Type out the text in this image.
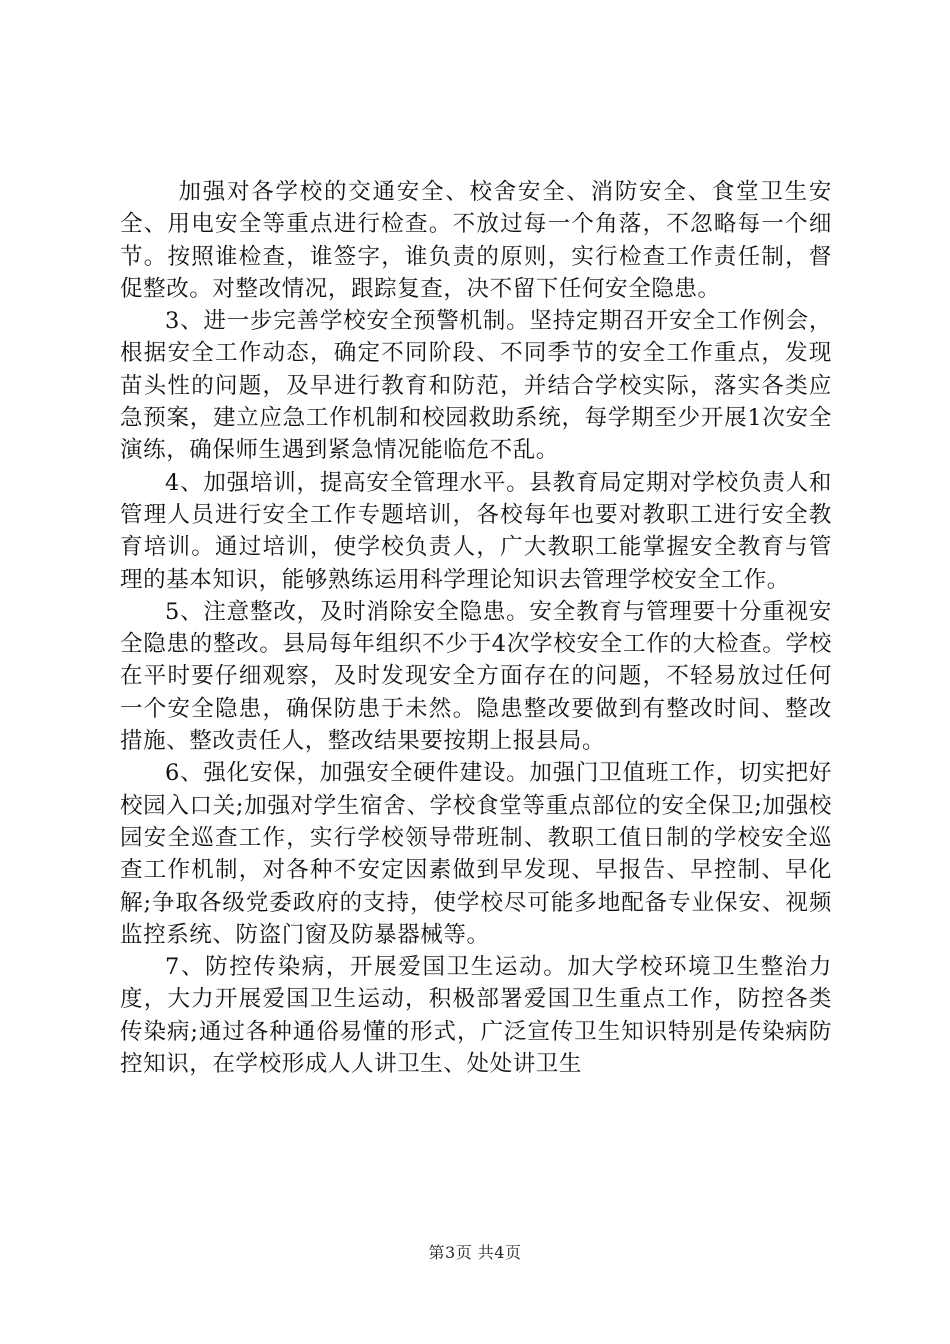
加强对各学校的交通安全、校舍安全、消防安全、食堂卫生安全、用电安全等重点进行检查。不放过每一个角落，不忽略每一个细节。按照谁检查，谁签字，谁负责的原则，实行检查工作责任制，督促整改。对整改情况，跟踪复查，决不留下任何安全隐患。

3、进一步完善学校安全预警机制。坚持定期召开安全工作例会，根据安全工作动态，确定不同阶段、不同季节的安全工作重点，发现苗头性的问题，及早进行教育和防范，并结合学校实际，落实各类应急预案，建立应急工作机制和校园救助系统，每学期至少开展1次安全演练，确保师生遇到紧急情况能临危不乱。

4、加强培训，提高安全管理水平。县教育局定期对学校负责人和管理人员进行安全工作专题培训，各校每年也要对教职工进行安全教育培训。通过培训，使学校负责人，广大教职工能掌握安全教育与管理的基本知识，能够熟练运用科学理论知识去管理学校安全工作。

5、注意整改，及时消除安全隐患。安全教育与管理要十分重视安全隐患的整改。县局每年组织不少于4次学校安全工作的大检查。学校在平时要仔细观察，及时发现安全方面存在的问题，不轻易放过任何一个安全隐患，确保防患于未然。隐患整改要做到有整改时间、整改措施、整改责任人，整改结果要按期上报县局。

6、强化安保，加强安全硬件建设。加强门卫值班工作，切实把好校园入口关;加强对学生宿舍、学校食堂等重点部位的安全保卫;加强校园安全巡查工作，实行学校领导带班制、教职工值日制的学校安全巡查工作机制，对各种不安定因素做到早发现、早报告、早控制、早化解;争取各级党委政府的支持，使学校尽可能多地配备专业保安、视频监控系统、防盗门窗及防暴器械等。

7、防控传染病，开展爱国卫生运动。加大学校环境卫生整治力度，大力开展爱国卫生运动，积极部署爱国卫生重点工作，防控各类传染病;通过各种通俗易懂的形式，广泛宣传卫生知识特别是传染病防控知识，在学校形成人人讲卫生、处处讲卫生

第3页 共4页
